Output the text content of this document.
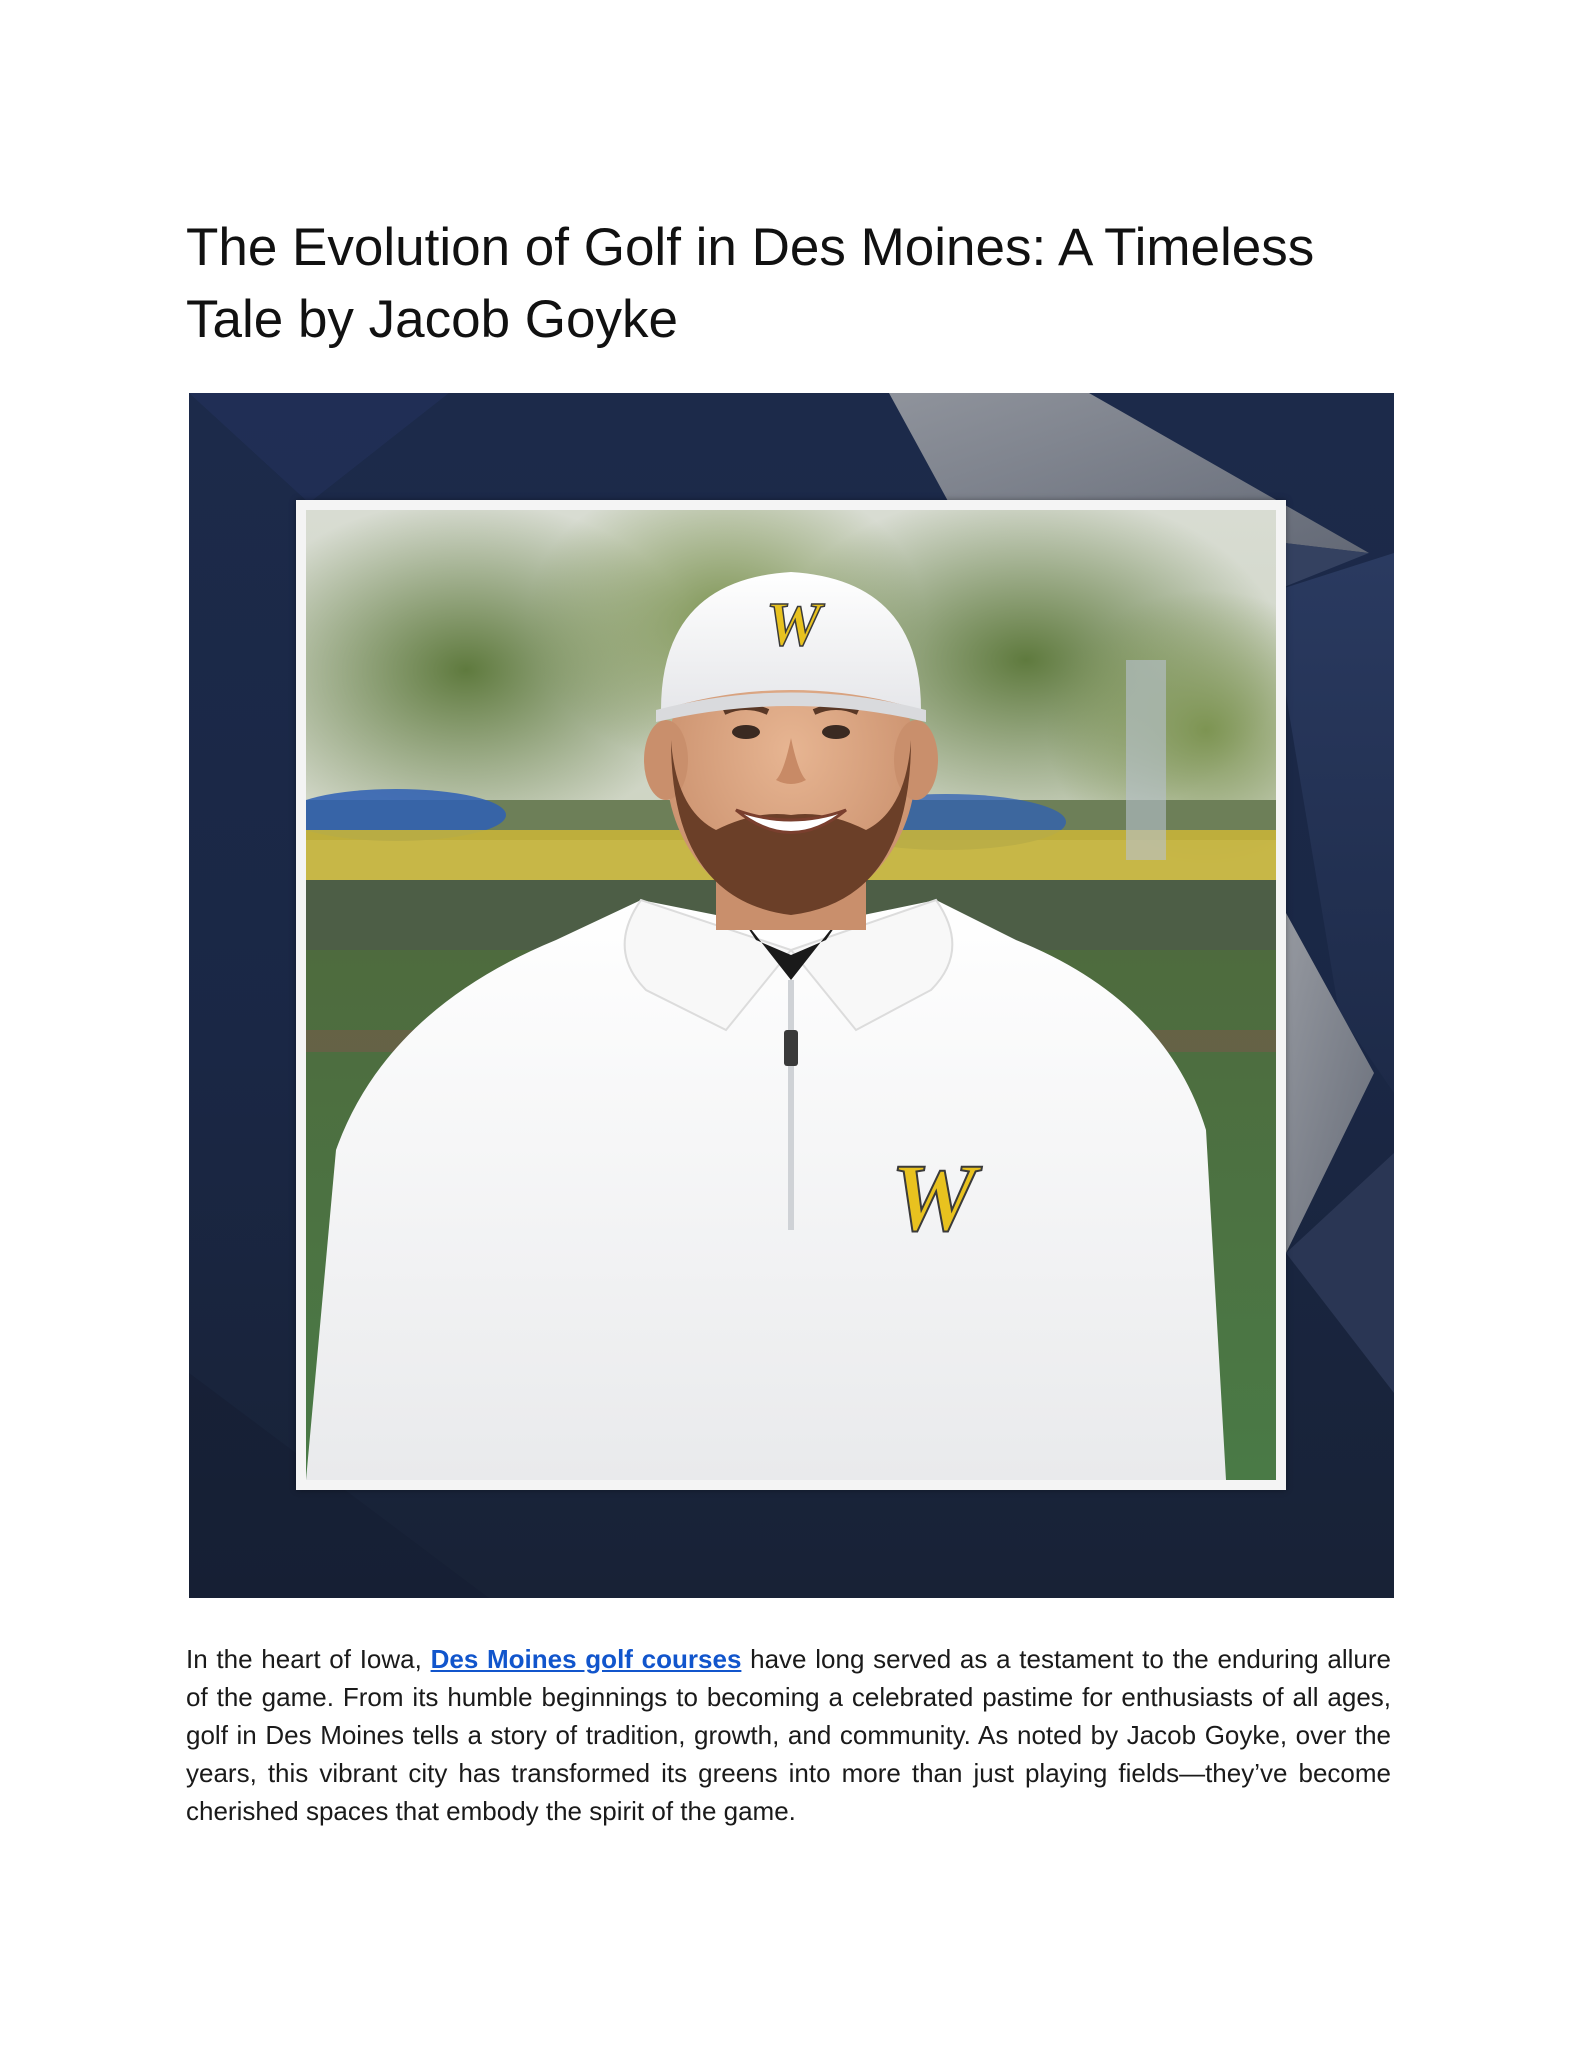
The Evolution of Golf in Des Moines: A Timeless Tale by Jacob Goyke
W
W

In the heart of Iowa, Des Moines golf courses have long served as a testament to the enduring allure of the game. From its humble beginnings to becoming a celebrated pastime for enthusiasts of all ages, golf in Des Moines tells a story of tradition, growth, and community. As noted by Jacob Goyke, over the years, this vibrant city has transformed its greens into more than just playing fields—they’ve become cherished spaces that embody the spirit of the game.
